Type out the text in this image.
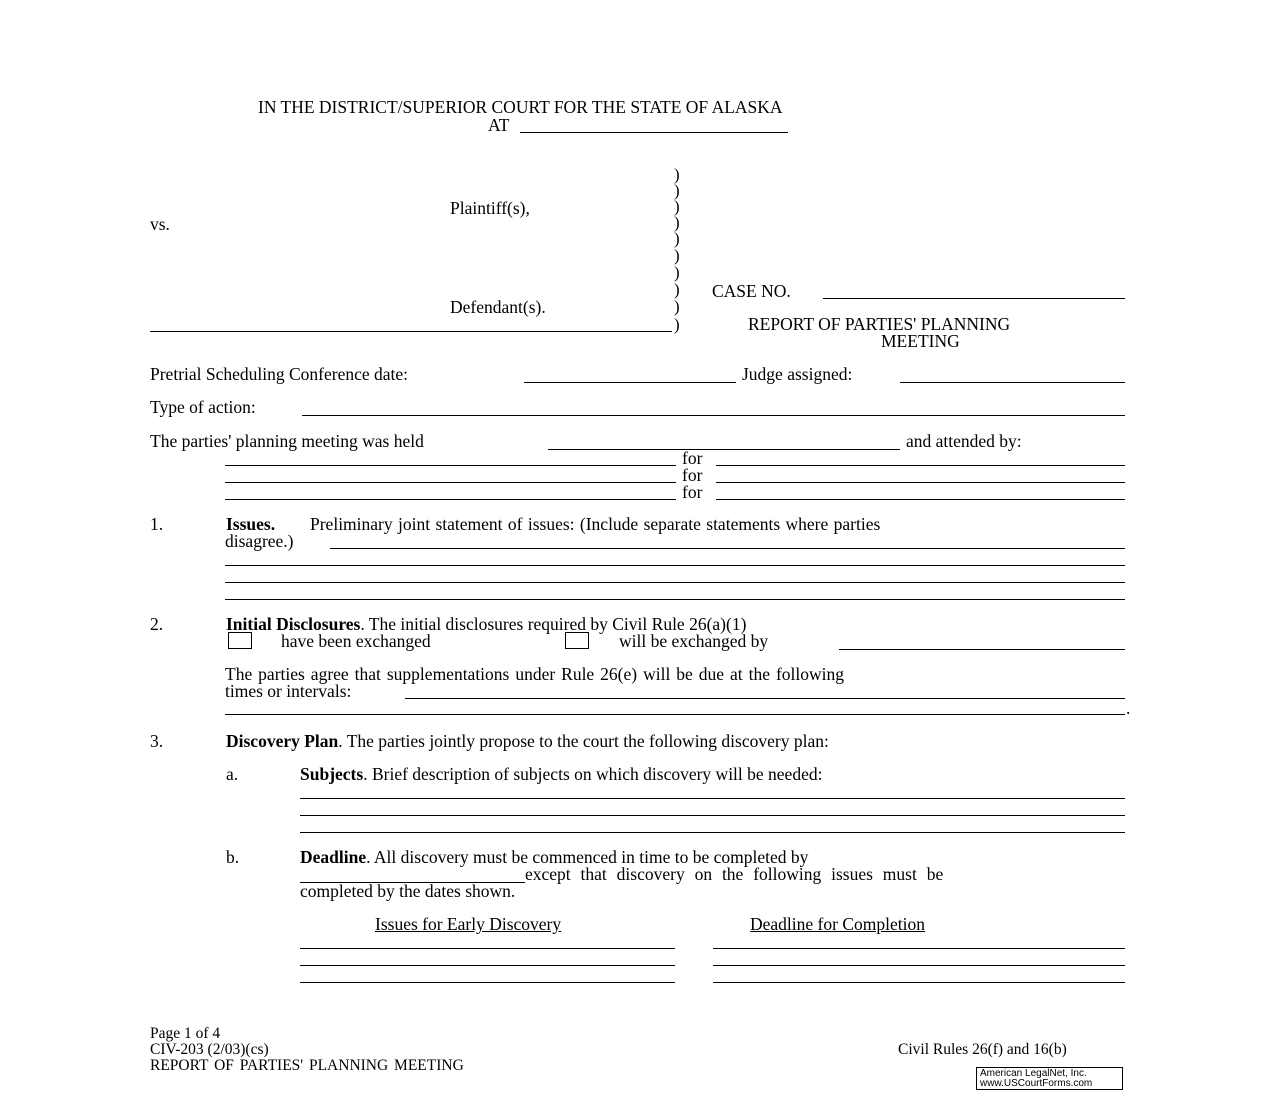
IN THE DISTRICT/SUPERIOR COURT FOR THE STATE OF ALASKA
AT
Plaintiff(s),
vs.
Defendant(s).
)
)
)
)
)
)
)
)
)
)
CASE NO.
REPORT OF PARTIES' PLANNING
MEETING
Pretrial Scheduling Conference date:	Judge assigned:
Type of action:
The parties' planning meeting was held	and attended by:
for
for
for
1.	Issues. Preliminary joint statement of issues: (Include separate statements where parties
disagree.)
2.	Initial Disclosures. The initial disclosures required by Civil Rule 26(a)(1)
have been exchanged	will be exchanged by
The parties agree that supplementations under Rule 26(e) will be due at the following
times or intervals:
.
3.	Discovery Plan. The parties jointly propose to the court the following discovery plan:
a.	Subjects. Brief description of subjects on which discovery will be needed:
b.	Deadline. All discovery must be commenced in time to be completed by
except that discovery on the following issues must be
completed by the dates shown.
Issues for Early Discovery	Deadline for Completion
Page 1 of 4
CIV-203 (2/03)(cs)
REPORT OF PARTIES' PLANNING MEETING
Civil Rules 26(f) and 16(b)
American LegalNet, Inc.
www.USCourtForms.com
